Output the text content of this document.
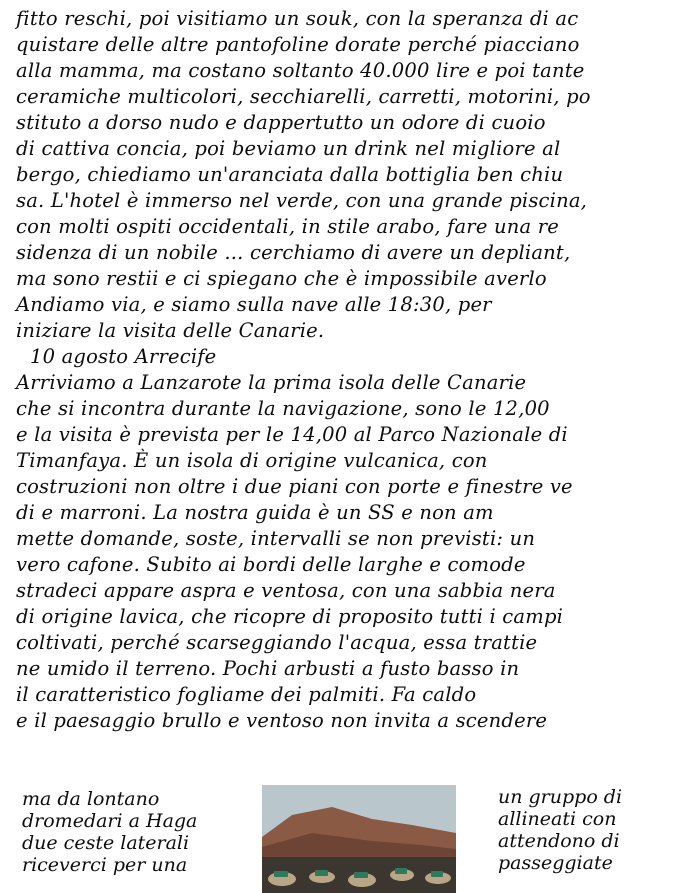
fitto reschi, poi visitiamo un souk, con la speranza di ac
quistare delle altre pantofoline dorate perché piacciano
alla mamma, ma costano soltanto 40.000 lire e poi tante
ceramiche multicolori, secchiarelli, carretti, motorini, po
stituto a dorso nudo e dappertutto un odore di cuoio
di cattiva concia, poi beviamo un drink nel migliore al
bergo, chiediamo un'aranciata dalla bottiglia ben chiu
sa. L'hotel è immerso nel verde, con una grande piscina,
con molti ospiti occidentali, in stile arabo, fare una re
sidenza di un nobile ... cerchiamo di avere un depliant,
ma sono restii e ci spiegano che è impossibile averlo
Andiamo via, e siamo sulla nave alle 18:30, per
iniziare la visita delle Canarie.
10 agosto Arrecife
Arriviamo a Lanzarote la prima isola delle Canarie
che si incontra durante la navigazione, sono le 12,00
e la visita è prevista per le 14,00 al Parco Nazionale di
Timanfaya. È un isola di origine vulcanica, con
costruzioni non oltre i due piani con porte e finestre ve
di e marroni. La nostra guida è un SS e non am
mette domande, soste, intervalli se non previsti: un
vero cafone. Subito ai bordi delle larghe e comode
stradeci appare aspra e ventosa, con una sabbia nera
di origine lavica, che ricopre di proposito tutti i campi
coltivati, perché scarseggiando l'acqua, essa trattie
ne umido il terreno. Pochi arbusti a fusto basso in
il caratteristico fogliame dei palmiti. Fa caldo
e il paesaggio brullo e ventoso non invita a scendere
ma da lontano
dromedari a Haga
due ceste laterali
riceverci per una
un gruppo di
allineati con
attendono di
passeggiate
